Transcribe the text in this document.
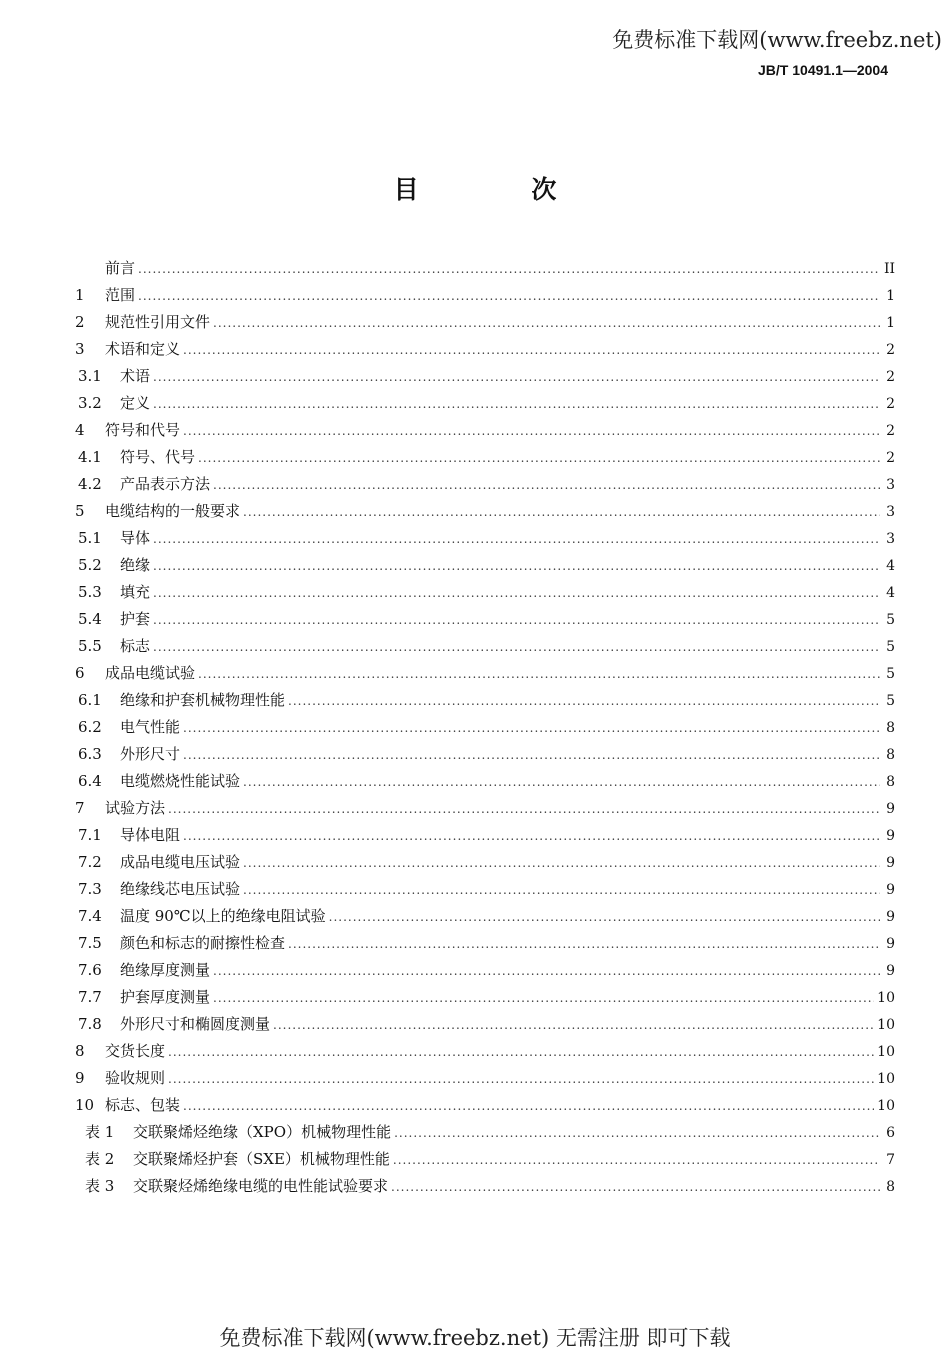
免费标准下载网(www.freebz.net)
JB/T 10491.1—2004
目 次
前言 .....	II
1	范围 .....	1
2	规范性引用文件 .....	1
3	术语和定义 .....	2
3.1	术语 .....	2
3.2	定义 .....	2
4	符号和代号 .....	2
4.1	符号、代号 .....	2
4.2	产品表示方法 .....	3
5	电缆结构的一般要求 .....	3
5.1	导体 .....	3
5.2	绝缘 .....	4
5.3	填充 .....	4
5.4	护套 .....	5
5.5	标志 .....	5
6	成品电缆试验 .....	5
6.1	绝缘和护套机械物理性能 .....	5
6.2	电气性能 .....	8
6.3	外形尺寸 .....	8
6.4	电缆燃烧性能试验 .....	8
7	试验方法 .....	9
7.1	导体电阻 .....	9
7.2	成品电缆电压试验 .....	9
7.3	绝缘线芯电压试验 .....	9
7.4	温度 90℃以上的绝缘电阻试验 .....	9
7.5	颜色和标志的耐擦性检查 .....	9
7.6	绝缘厚度测量 .....	9
7.7	护套厚度测量 .....	10
7.8	外形尺寸和椭圆度测量 .....	10
8	交货长度 .....	10
9	验收规则 .....	10
10 标志、包装 .....	10
表 1	交联聚烯烃绝缘（XPO）机械物理性能 .....	6
表 2	交联聚烯烃护套（SXE）机械物理性能 .....	7
表 3	交联聚烃烯绝缘电缆的电性能试验要求 .....	8
免费标准下载网(www.freebz.net) 无需注册 即可下载
